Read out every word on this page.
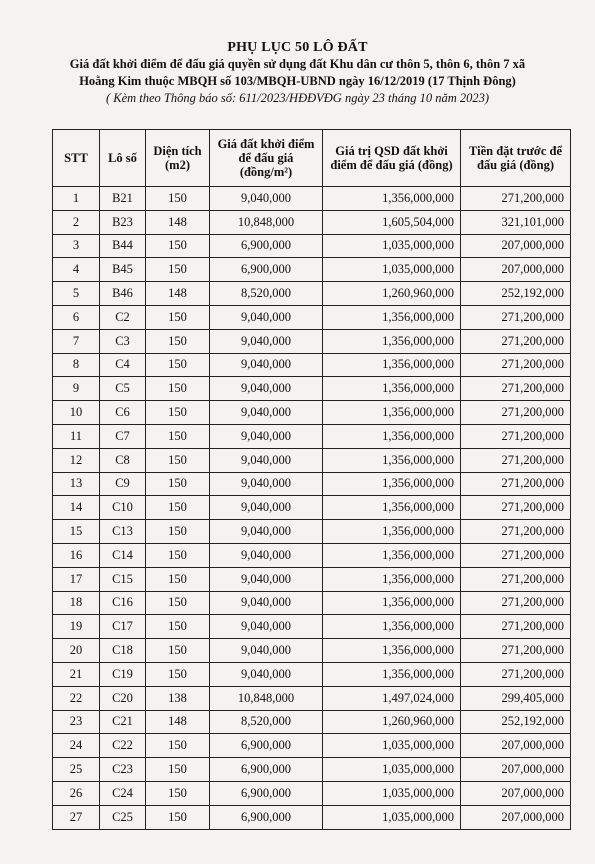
PHỤ LỤC 50 LÔ ĐẤT
Giá đất khởi điểm để đấu giá quyền sử dụng đất Khu dân cư thôn 5, thôn 6, thôn 7 xã
Hoằng Kim thuộc MBQH số 103/MBQH-UBND ngày 16/12/2019 (17 Thịnh Đông)
( Kèm theo Thông báo số: 611/2023/HĐĐVĐG ngày 23 tháng 10 năm 2023)
STT	Lô số	Diện tích (m2)	Giá đất khởi điểm để đấu giá (đồng/m²)	Giá trị QSD đất khởi điểm để đấu giá (đồng)	Tiền đặt trước để đấu giá (đồng)
1	B21	150	9,040,000	1,356,000,000	271,200,000
2	B23	148	10,848,000	1,605,504,000	321,101,000
3	B44	150	6,900,000	1,035,000,000	207,000,000
4	B45	150	6,900,000	1,035,000,000	207,000,000
5	B46	148	8,520,000	1,260,960,000	252,192,000
6	C2	150	9,040,000	1,356,000,000	271,200,000
7	C3	150	9,040,000	1,356,000,000	271,200,000
8	C4	150	9,040,000	1,356,000,000	271,200,000
9	C5	150	9,040,000	1,356,000,000	271,200,000
10	C6	150	9,040,000	1,356,000,000	271,200,000
11	C7	150	9,040,000	1,356,000,000	271,200,000
12	C8	150	9,040,000	1,356,000,000	271,200,000
13	C9	150	9,040,000	1,356,000,000	271,200,000
14	C10	150	9,040,000	1,356,000,000	271,200,000
15	C13	150	9,040,000	1,356,000,000	271,200,000
16	C14	150	9,040,000	1,356,000,000	271,200,000
17	C15	150	9,040,000	1,356,000,000	271,200,000
18	C16	150	9,040,000	1,356,000,000	271,200,000
19	C17	150	9,040,000	1,356,000,000	271,200,000
20	C18	150	9,040,000	1,356,000,000	271,200,000
21	C19	150	9,040,000	1,356,000,000	271,200,000
22	C20	138	10,848,000	1,497,024,000	299,405,000
23	C21	148	8,520,000	1,260,960,000	252,192,000
24	C22	150	6,900,000	1,035,000,000	207,000,000
25	C23	150	6,900,000	1,035,000,000	207,000,000
26	C24	150	6,900,000	1,035,000,000	207,000,000
27	C25	150	6,900,000	1,035,000,000	207,000,000
